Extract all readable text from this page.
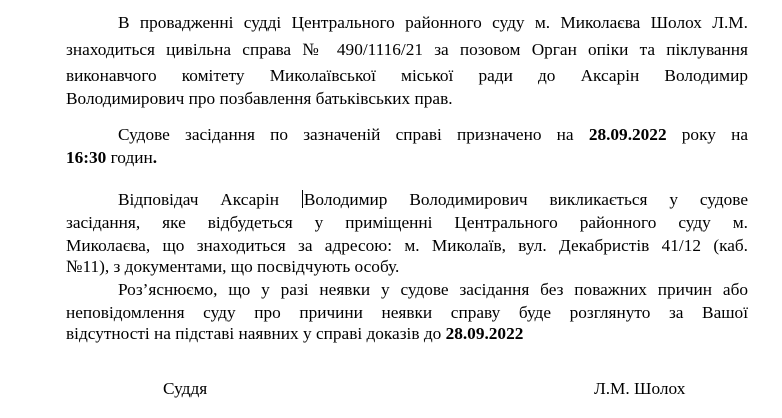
В провадженні судді Центрального районного суду м. Миколаєва Шолох Л.М.
знаходиться цивільна справа № 490/1116/21 за позовом Орган опіки та піклування
виконавчого комітету Миколаївської міської ради до Аксарін Володимир
Володимирович про позбавлення батьківських прав.
Судове засідання по зазначеній справі призначено на 28.09.2022 року на
16:30 годин.
Відповідач Аксарін Володимир Володимирович викликається у судове
засідання, яке відбудеться у приміщенні Центрального районного суду м.
Миколаєва, що знаходиться за адресою: м. Миколаїв, вул. Декабристів 41/12 (каб.
№11), з документами, що посвідчують особу.
Роз’яснюємо, що у разі неявки у судове засідання без поважних причин або
неповідомлення суду про причини неявки справу буде розглянуто за Вашої
відсутності на підставі наявних у справі доказів до 28.09.2022
Суддя	Л.М. Шолох
